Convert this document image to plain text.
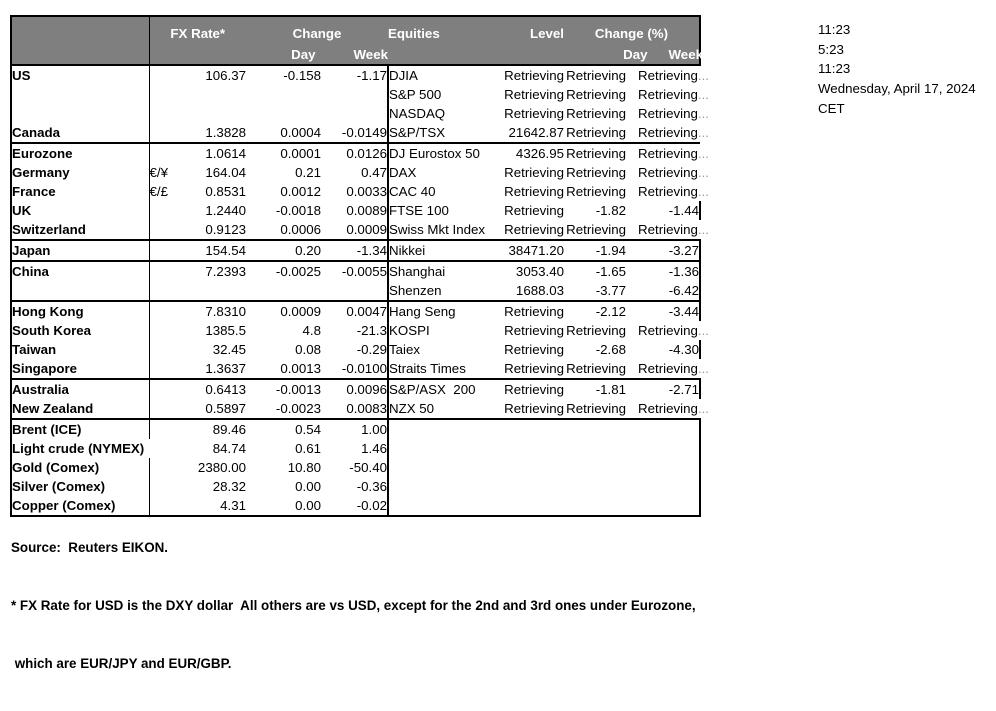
	FX Rate*		Change		Equities	Level	Change (%)	
			Day Week				Day Week	
US		106.37	-0.158	-1.17	DJIA	Retrieving	Retrieving	Retrieving...
					S&P 500	Retrieving	Retrieving	Retrieving...
					NASDAQ	Retrieving	Retrieving	Retrieving...
Canada		1.3828	0.0004	-0.0149	S&P/TSX	21642.87	Retrieving	Retrieving...
Eurozone		1.0614	0.0001	0.0126	DJ Eurostox 50	4326.95	Retrieving	Retrieving...
Germany	€/¥	164.04	0.21	0.47	DAX	Retrieving	Retrieving	Retrieving...
France	€/£	0.8531	0.0012	0.0033	CAC 40	Retrieving	Retrieving	Retrieving...
UK		1.2440	-0.0018	0.0089	FTSE 100	Retrieving	-1.82	-1.44
Switzerland		0.9123	0.0006	0.0009	Swiss Mkt Index	Retrieving	Retrieving	Retrieving...
Japan		154.54	0.20	-1.34	Nikkei	38471.20	-1.94	-3.27
China		7.2393	-0.0025	-0.0055	Shanghai	3053.40	-1.65	-1.36
					Shenzen	1688.03	-3.77	-6.42
Hong Kong		7.8310	0.0009	0.0047	Hang Seng	Retrieving	-2.12	-3.44
South Korea		1385.5	4.8	-21.3	KOSPI	Retrieving	Retrieving	Retrieving...
Taiwan		32.45	0.08	-0.29	Taiex	Retrieving	-2.68	-4.30
Singapore		1.3637	0.0013	-0.0100	Straits Times	Retrieving	Retrieving	Retrieving...
Australia		0.6413	-0.0013	0.0096	S&P/ASX  200	Retrieving	-1.81	-2.71
New Zealand		0.5897	-0.0023	0.0083	NZX 50	Retrieving	Retrieving	Retrieving...
Brent (ICE)		89.46	0.54	1.00				
Light crude (NYMEX)		84.74	0.61	1.46				
Gold (Comex)		2380.00	10.80	-50.40				
Silver (Comex)		28.32	0.00	-0.36				
Copper (Comex)		4.31	0.00	-0.02				
11:23
5:23
11:23
Wednesday, April 17, 2024
CET

Source:  Reuters EIKON.

* FX Rate for USD is the DXY dollar  All others are vs USD, except for the 2nd and 3rd ones under Eurozone,

which are EUR/JPY and EUR/GBP.
